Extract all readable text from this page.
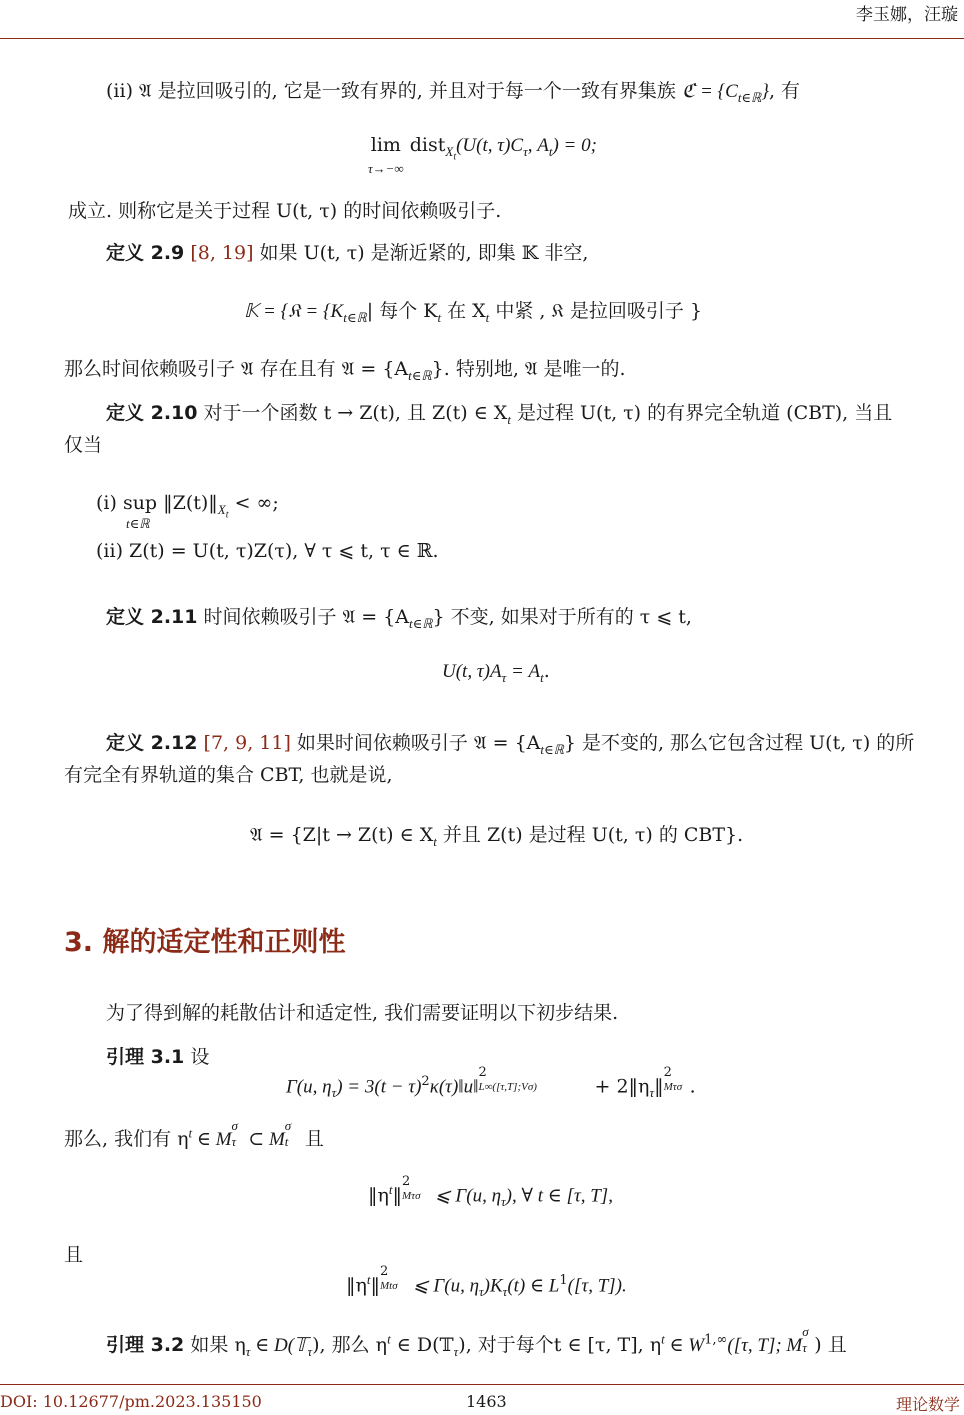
李玉娜，汪璇
(ii) 𝔄 是拉回吸引的, 它是一致有界的, 并且对于每一个一致有界集族 ℭ = $\{C_{t\in ℝ}\}$, 有
lim
τ→−∞ dist$_{X_t}$(U(t, $\tau)C_\tau$, $A_t) = 0$;
成立. 则称它是关于过程 U(t, τ) 的时间依赖吸引子.
定义 2.9 [8, 19] 如果 U(t, τ) 是渐近紧的, 即集 𝕂 非空,
𝕂 = {𝔎 = {$K_{t\in ℝ}|$ 每个 $K_t$ 在 $X_t$ 中紧 , 𝔎 是拉回吸引子 }
那么时间依赖吸引子 𝔄 存在且有 𝔄 = $\{A_{t\in ℝ}\}$. 特别地, 𝔄 是唯一的.
定义 2.10 对于一个函数 t → Z(t), 且 Z(t) ∈ $X_t$ 是过程 U(t, τ) 的有界完全轨道 (CBT), 当且
仅当
(i) sup $‖Z(t)‖_{X_t}$ < ∞;
t∈ℝ
(ii) Z(t) = U(t, τ)Z(τ), ∀ τ ⩽ t, τ ∈ ℝ.
定义 2.11 时间依赖吸引子 𝔄 = $\{A_{t\in ℝ}\}$ 不变, 如果对于所有的 τ ⩽ t,
U(t, $\tau)A_\tau = A_t$.
定义 2.12 [7, 9, 11] 如果时间依赖吸引子 𝔄 = $\{A_{t\in ℝ}\}$ 是不变的, 那么它包含过程 U(t, τ) 的所
有完全有界轨道的集合 CBT, 也就是说,
𝔄 = {Z|t → Z(t) ∈ $X_t$ 并且 Z(t) 是过程 U(t, τ) 的 CBT}.
3. 解的适定性和正则性
为了得到解的耗散估计和适定性, 我们需要证明以下初步结果.
引理 3.1 设
Γ(u, $\eta_\tau) = 3(t$ − $\tau)^2\kappa(\tau)‖u‖$
2
L∞([τ,T];Vσ)	+ $2‖\eta_\tau‖$
2
Mτσ .
那么, 我们有 $\eta^t$ ∈ M
σ
τ ⊂ M
σ
t 且
$‖\eta^t‖$
2
Mτσ ⩽ Γ(u, $\eta_\tau$), ∀ t ∈ [τ, T],
且
$‖\eta^t‖$
2
Mtσ ⩽ Γ(u, $\eta_\tau)K_\tau(t)$ ∈ $L^1([\tau$, T]).
引理 3.2 如果 $\eta_\tau$ ∈ D(𝕋$_\tau$), 那么 $\eta^t$ ∈ D(𝕋$_\tau$), 对于每个t ∈ [τ, T], $\eta^t$ ∈ $W^{1,\infty}([\tau$, T]; M
σ
τ ) 且
DOI: 10.12677/pm.2023.135150	1463	理论数学
